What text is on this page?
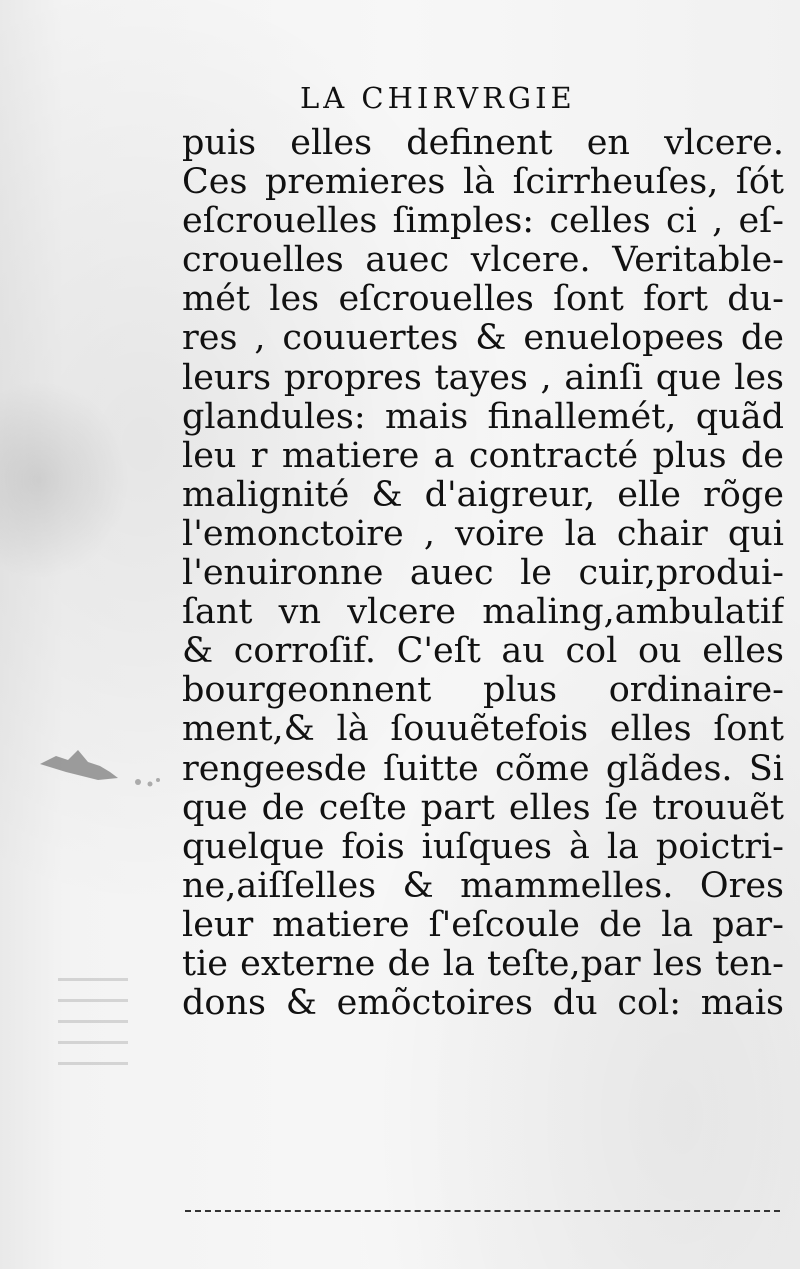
LA CHIRVRGIE
puis elles definent en vlcere.
Ces premieres là ſcirrheuſes, ſót
eſcrouelles ſimples: celles ci , eſ-
crouelles auec vlcere. Veritable-
mét les eſcrouelles ſont fort du-
res , couuertes & enuelopees de
leurs propres tayes , ainſi que les
glandules: mais finallemét, quãd
leu r matiere a contracté plus de
malignité & d'aigreur, elle rõge
l'emonctoire , voire la chair qui
l'enuironne auec le cuir,produi-
ſant vn vlcere maling,ambulatif
& corroſif. C'eſt au col ou elles
bourgeonnent plus ordinaire-
ment,& là ſouuẽtefois elles ſont
rengeesde ſuitte cõme glãdes. Si
que de ceſte part elles ſe trouuẽt
quelque fois iuſques à la poictri-
ne,aiſſelles & mammelles. Ores
leur matiere ſ'eſcoule de la par-
tie externe de la teſte,par les ten-
dons & emõctoires du col: mais
